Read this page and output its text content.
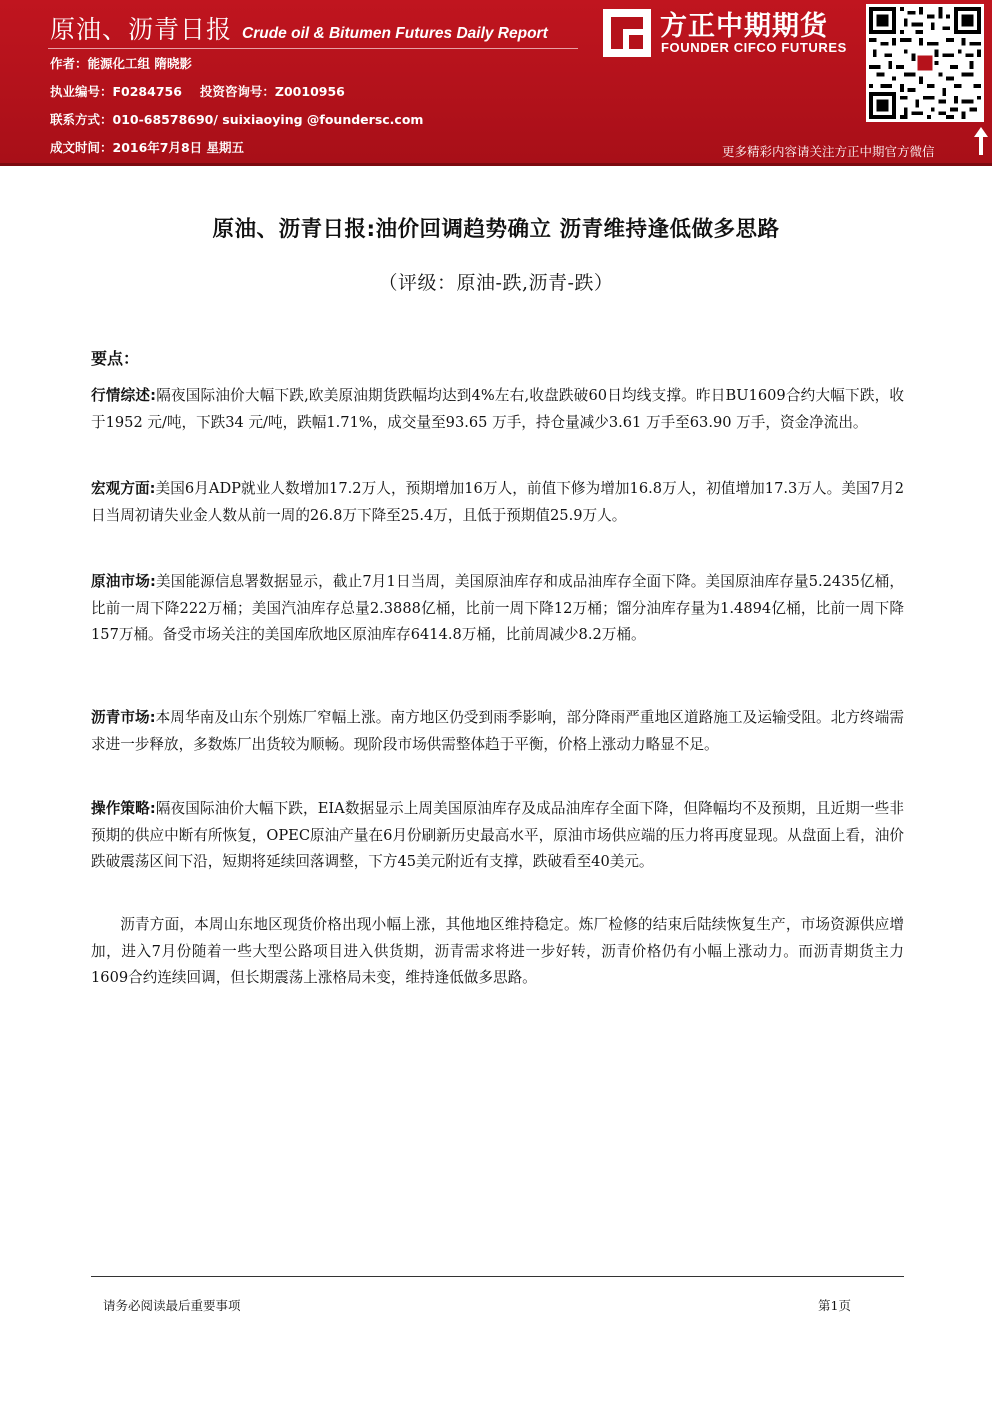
原油、沥青日报 Crude oil & Bitumen Futures Daily Report
作者：能源化工组 隋晓影
执业编号：F0284756 投资咨询号：Z0010956
联系方式：010-68578690/ suixiaoying @foundersc.com
成文时间：2016年7月8日 星期五
方正中期期货
FOUNDER CIFCO FUTURES
更多精彩内容请关注方正中期官方微信
原油、沥青日报:油价回调趋势确立 沥青维持逢低做多思路
（评级：原油-跌,沥青-跌）
要点：
行情综述:隔夜国际油价大幅下跌,欧美原油期货跌幅均达到4%左右,收盘跌破60日均线支撑。昨日BU1609合约大幅下跌，收于1952 元/吨，下跌34 元/吨，跌幅1.71%，成交量至93.65 万手，持仓量减少3.61 万手至63.90 万手，资金净流出。
宏观方面:美国6月ADP就业人数增加17.2万人，预期增加16万人，前值下修为增加16.8万人，初值增加17.3万人。美国7月2日当周初请失业金人数从前一周的26.8万下降至25.4万，且低于预期值25.9万人。
原油市场:美国能源信息署数据显示，截止7月1日当周，美国原油库存和成品油库存全面下降。美国原油库存量5.2435亿桶，比前一周下降222万桶；美国汽油库存总量2.3888亿桶，比前一周下降12万桶；馏分油库存量为1.4894亿桶，比前一周下降157万桶。备受市场关注的美国库欣地区原油库存6414.8万桶，比前周减少8.2万桶。
沥青市场:本周华南及山东个别炼厂窄幅上涨。南方地区仍受到雨季影响，部分降雨严重地区道路施工及运输受阻。北方终端需求进一步释放，多数炼厂出货较为顺畅。现阶段市场供需整体趋于平衡，价格上涨动力略显不足。
操作策略:隔夜国际油价大幅下跌，EIA数据显示上周美国原油库存及成品油库存全面下降，但降幅均不及预期，且近期一些非预期的供应中断有所恢复，OPEC原油产量在6月份刷新历史最高水平，原油市场供应端的压力将再度显现。从盘面上看，油价跌破震荡区间下沿，短期将延续回落调整，下方45美元附近有支撑，跌破看至40美元。
沥青方面，本周山东地区现货价格出现小幅上涨，其他地区维持稳定。炼厂检修的结束后陆续恢复生产，市场资源供应增加，进入7月份随着一些大型公路项目进入供货期，沥青需求将进一步好转，沥青价格仍有小幅上涨动力。而沥青期货主力1609合约连续回调，但长期震荡上涨格局未变，维持逢低做多思路。
请务必阅读最后重要事项	第1页
